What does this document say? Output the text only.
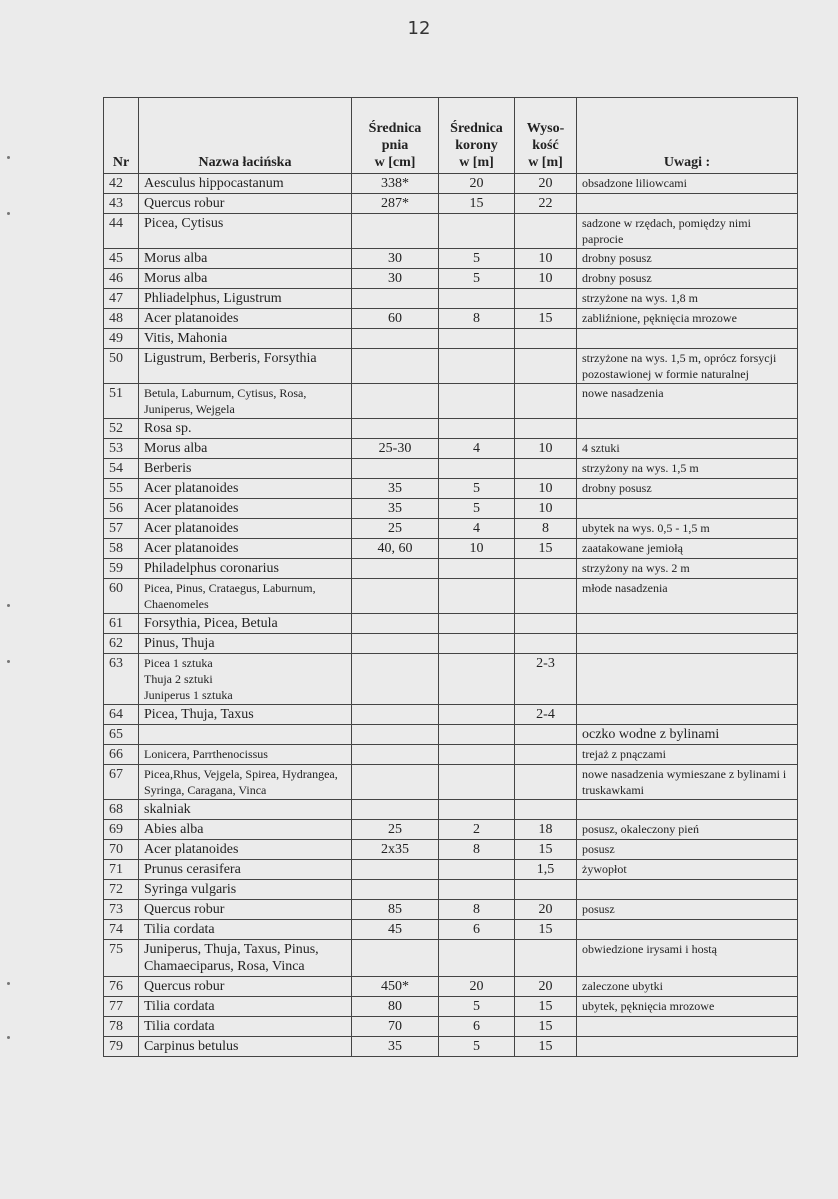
12
Nr	Nazwa łacińska	Średnica
pnia
w [cm]	Średnica
korony
w [m]	Wyso-
kość
w [m]	Uwagi :
42	Aesculus hippocastanum	338*	20	20	obsadzone liliowcami
43	Quercus robur	287*	15	22	
44	Picea, Cytisus				sadzone w rzędach, pomiędzy nimi paprocie
45	Morus alba	30	5	10	drobny posusz
46	Morus alba	30	5	10	drobny posusz
47	Phliadelphus, Ligustrum				strzyżone na wys. 1,8 m
48	Acer platanoides	60	8	15	zabliźnione, pęknięcia mrozowe
49	Vitis, Mahonia				
50	Ligustrum, Berberis, Forsythia				strzyżone na wys. 1,5 m, oprócz forsycji pozostawionej w formie naturalnej
51	Betula, Laburnum, Cytisus, Rosa, Juniperus, Wejgela				nowe nasadzenia
52	Rosa sp.				
53	Morus alba	25-30	4	10	4 sztuki
54	Berberis				strzyżony na wys. 1,5 m
55	Acer platanoides	35	5	10	drobny posusz
56	Acer platanoides	35	5	10	
57	Acer platanoides	25	4	8	ubytek na wys. 0,5 - 1,5 m
58	Acer platanoides	40, 60	10	15	zaatakowane jemiołą
59	Philadelphus coronarius				strzyżony na wys. 2 m
60	Picea, Pinus, Crataegus, Laburnum, Chaenomeles				młode nasadzenia
61	Forsythia, Picea, Betula				
62	Pinus, Thuja				
63	Picea 1 sztuka
Thuja 2 sztuki
Juniperus 1 sztuka			2-3	
64	Picea, Thuja, Taxus			2-4	
65					oczko wodne z bylinami
66	Lonicera, Parrthenocissus				trejaż z pnączami
67	Picea,Rhus, Vejgela, Spirea, Hydrangea, Syringa, Caragana, Vinca				nowe nasadzenia wymieszane z bylinami i truskawkami
68	skalniak				
69	Abies alba	25	2	18	posusz, okaleczony pień
70	Acer platanoides	2x35	8	15	posusz
71	Prunus cerasifera			1,5	żywopłot
72	Syringa vulgaris				
73	Quercus robur	85	8	20	posusz
74	Tilia cordata	45	6	15	
75	Juniperus, Thuja, Taxus, Pinus, Chamaeciparus, Rosa, Vinca				obwiedzione irysami i hostą
76	Quercus robur	450*	20	20	zaleczone ubytki
77	Tilia cordata	80	5	15	ubytek, pęknięcia mrozowe
78	Tilia cordata	70	6	15	
79	Carpinus betulus	35	5	15	
